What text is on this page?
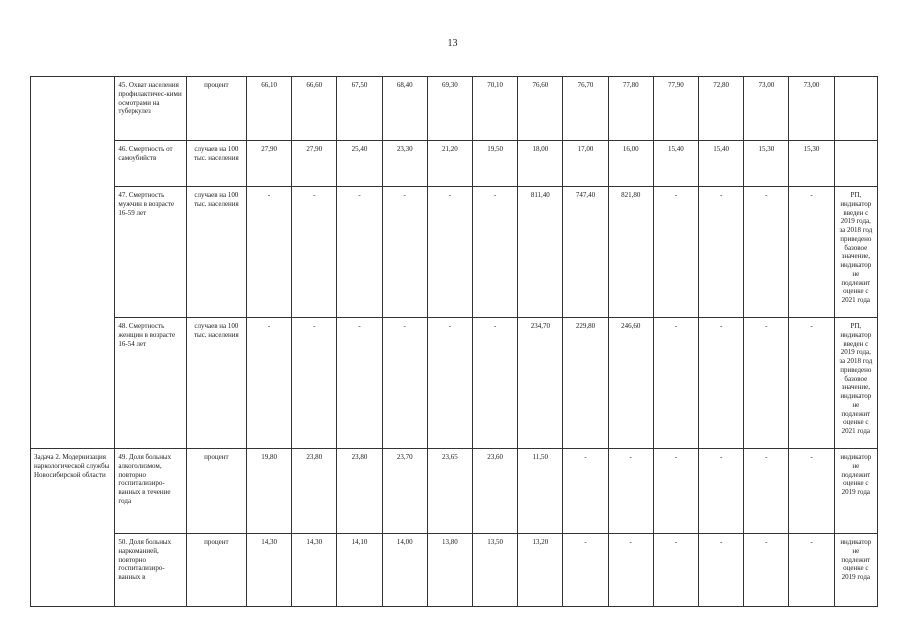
13
	45. Охват населения профилактичес-кими осмотрами на туберкулез	процент	66,10	66,60	67,50	68,40	69,30	70,10	76,60	76,70	77,80	77,90	72,80	73,00	73,00	
	46. Смертность от самоубийств	случаев на 100 тыс. населения	27,90	27,90	25,40	23,30	21,20	19,50	18,00	17,00	16,00	15,40	15,40	15,30	15,30	
	47. Смертность мужчин в возрасте 16-59 лет	случаев на 100 тыс. населения	-	-	-	-	-	-	811,40	747,40	821,80	-	-	-	-	РП, индикатор введен с 2019 года, за 2018 год приведено базовое значение, индикатор не подлежит оценке с 2021 года
	48. Смертность женщин в возрасте 16-54 лет	случаев на 100 тыс. населения	-	-	-	-	-	-	234,70	229,80	246,60	-	-	-	-	РП, индикатор введен с 2019 года, за 2018 год приведено базовое значение, индикатор не подлежит оценке с 2021 года
Задача 2. Модернизация наркологической службы Новосибирской области	49. Доля больных алкоголизмом, повторно госпитализиро-ванных в течение года	процент	19,80	23,80	23,80	23,70	23,65	23,60	11,50	-	-	-	-	-	-	индикатор не подлежит оценке с 2019 года
	50. Доля больных наркоманией, повторно госпитализиро-ванных в	процент	14,30	14,30	14,10	14,00	13,80	13,50	13,20	-	-	-	-	-	-	индикатор не подлежит оценке с 2019 года
